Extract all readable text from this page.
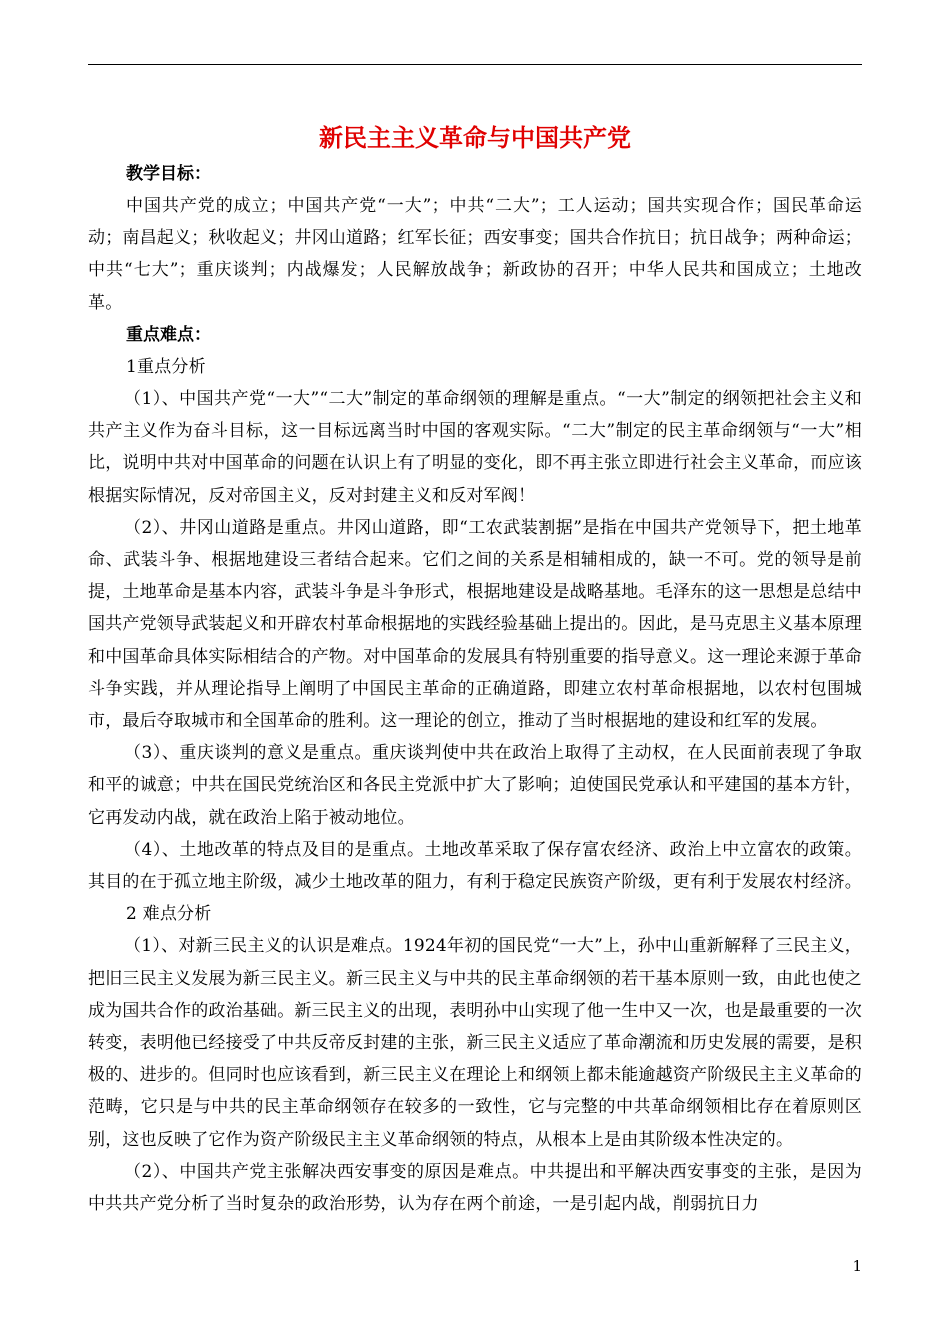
新民主主义革命与中国共产党

教学目标：

中国共产党的成立；中国共产党“一大”；中共“二大”；工人运动；国共实现合作；国民革命运动；南昌起义；秋收起义；井冈山道路；红军长征；西安事变；国共合作抗日；抗日战争；两种命运；中共“七大”；重庆谈判；内战爆发；人民解放战争；新政协的召开；中华人民共和国成立；土地改革。

重点难点：

1重点分析

（1）、中国共产党“一大”“二大”制定的革命纲领的理解是重点。“一大”制定的纲领把社会主义和共产主义作为奋斗目标，这一目标远离当时中国的客观实际。“二大”制定的民主革命纲领与“一大”相比，说明中共对中国革命的问题在认识上有了明显的变化，即不再主张立即进行社会主义革命，而应该根据实际情况，反对帝国主义，反对封建主义和反对军阀！

（2）、井冈山道路是重点。井冈山道路，即“工农武装割据”是指在中国共产党领导下，把土地革命、武装斗争、根据地建设三者结合起来。它们之间的关系是相辅相成的，缺一不可。党的领导是前提，土地革命是基本内容，武装斗争是斗争形式，根据地建设是战略基地。毛泽东的这一思想是总结中国共产党领导武装起义和开辟农村革命根据地的实践经验基础上提出的。因此，是马克思主义基本原理和中国革命具体实际相结合的产物。对中国革命的发展具有特别重要的指导意义。这一理论来源于革命斗争实践，并从理论指导上阐明了中国民主革命的正确道路，即建立农村革命根据地，以农村包围城市，最后夺取城市和全国革命的胜利。这一理论的创立，推动了当时根据地的建设和红军的发展。

（3）、重庆谈判的意义是重点。重庆谈判使中共在政治上取得了主动权，在人民面前表现了争取和平的诚意；中共在国民党统治区和各民主党派中扩大了影响；迫使国民党承认和平建国的基本方针，它再发动内战，就在政治上陷于被动地位。

（4）、土地改革的特点及目的是重点。土地改革采取了保存富农经济、政治上中立富农的政策。其目的在于孤立地主阶级，减少土地改革的阻力，有利于稳定民族资产阶级，更有利于发展农村经济。

2 难点分析

（1）、对新三民主义的认识是难点。1924年初的国民党“一大”上，孙中山重新解释了三民主义，把旧三民主义发展为新三民主义。新三民主义与中共的民主革命纲领的若干基本原则一致，由此也使之成为国共合作的政治基础。新三民主义的出现，表明孙中山实现了他一生中又一次，也是最重要的一次转变，表明他已经接受了中共反帝反封建的主张，新三民主义适应了革命潮流和历史发展的需要，是积极的、进步的。但同时也应该看到，新三民主义在理论上和纲领上都未能逾越资产阶级民主主义革命的范畴，它只是与中共的民主革命纲领存在较多的一致性，它与完整的中共革命纲领相比存在着原则区别，这也反映了它作为资产阶级民主主义革命纲领的特点，从根本上是由其阶级本性决定的。

（2）、中国共产党主张解决西安事变的原因是难点。中共提出和平解决西安事变的主张，是因为中共共产党分析了当时复杂的政治形势，认为存在两个前途，一是引起内战，削弱抗日力

1
